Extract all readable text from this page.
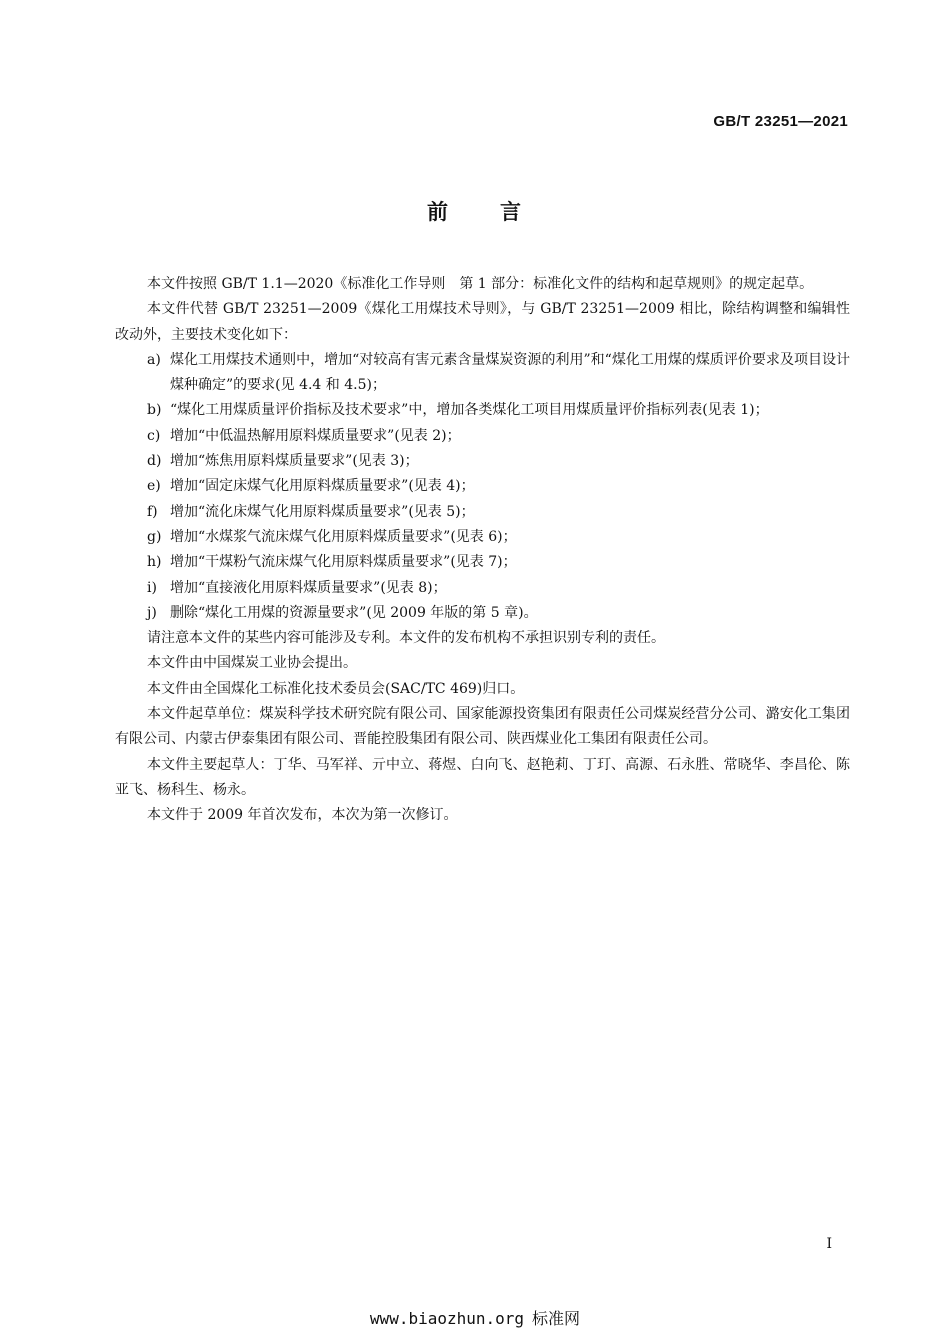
GB/T 23251—2021
前 言

本文件按照 GB/T 1.1—2020《标准化工作导则　第 1 部分：标准化文件的结构和起草规则》的规定起草。

本文件代替 GB/T 23251—2009《煤化工用煤技术导则》，与 GB/T 23251—2009 相比，除结构调整和编辑性改动外，主要技术变化如下：

a) 煤化工用煤技术通则中，增加“对较高有害元素含量煤炭资源的利用”和“煤化工用煤的煤质评价要求及项目设计煤种确定”的要求(见 4.4 和 4.5)；

b) “煤化工用煤质量评价指标及技术要求”中，增加各类煤化工项目用煤质量评价指标列表(见表 1)；

c) 增加“中低温热解用原料煤质量要求”(见表 2)；

d) 增加“炼焦用原料煤质量要求”(见表 3)；

e) 增加“固定床煤气化用原料煤质量要求”(见表 4)；

f) 增加“流化床煤气化用原料煤质量要求”(见表 5)；

g) 增加“水煤浆气流床煤气化用原料煤质量要求”(见表 6)；

h) 增加“干煤粉气流床煤气化用原料煤质量要求”(见表 7)；

i) 增加“直接液化用原料煤质量要求”(见表 8)；

j) 删除“煤化工用煤的资源量要求”(见 2009 年版的第 5 章)。

请注意本文件的某些内容可能涉及专利。本文件的发布机构不承担识别专利的责任。

本文件由中国煤炭工业协会提出。

本文件由全国煤化工标准化技术委员会(SAC/TC 469)归口。

本文件起草单位：煤炭科学技术研究院有限公司、国家能源投资集团有限责任公司煤炭经营分公司、潞安化工集团有限公司、内蒙古伊泰集团有限公司、晋能控股集团有限公司、陕西煤业化工集团有限责任公司。

本文件主要起草人：丁华、马军祥、亓中立、蒋煜、白向飞、赵艳莉、丁玎、高源、石永胜、常晓华、李昌伦、陈亚飞、杨科生、杨永。

本文件于 2009 年首次发布，本次为第一次修订。

I
www.biaozhun.org 标准网
